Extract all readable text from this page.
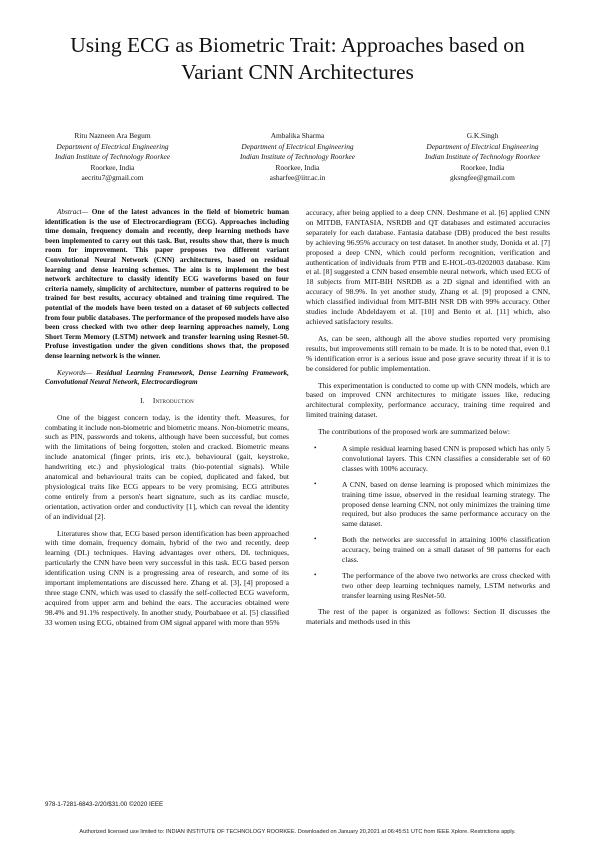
Using ECG as Biometric Trait: Approaches based on Variant CNN Architectures
Ritu Nazneen Ara Begum
Department of Electrical Engineering
Indian Institute of Technology Roorkee
Roorkee, India
aecritu7@gmail.com
Ambalika Sharma
Department of Electrical Engineering
Indian Institute of Technology Roorkee
Roorkee, India
asharfee@iitr.ac.in
G.K.Singh
Department of Electrical Engineering
Indian Institute of Technology Roorkee
Roorkee, India
gksngfee@gmail.com

Abstract— One of the latest advances in the field of biometric human identification is the use of Electrocardiogram (ECG). Approaches including time domain, frequency domain and recently, deep learning methods have been implemented to carry out this task. But, results show that, there is much room for improvement. This paper proposes two different variant Convolutional Neural Network (CNN) architectures, based on residual learning and dense learning schemes. The aim is to implement the best network architecture to classify identify ECG waveforms based on four criteria namely, simplicity of architecture, number of patterns required to be trained for best results, accuracy obtained and training time required. The potential of the models have been tested on a dataset of 60 subjects collected from four public databases. The performance of the proposed models have also been cross checked with two other deep learning approaches namely, Long Short Term Memory (LSTM) network and transfer learning using Resnet-50. Profuse investigation under the given conditions shows that, the proposed dense learning network is the winner.

Keywords— Residual Learning Framework, Dense Learning Framework, Convolutional Neural Network, Electrocardiogram

I. Introduction

One of the biggest concern today, is the identity theft. Measures, for combating it include non-biometric and biometric means. Non-biometric means, such as PIN, passwords and tokens, although have been successful, but comes with the limitations of being forgotten, stolen and cracked. Biometric means include anatomical (finger prints, iris etc.), behavioural (gait, keystroke, handwriting etc.) and physiological traits (bio-potential signals). While anatomical and behavioural traits can be copied, duplicated and faked, but physiological traits like ECG appears to be very promising. ECG attributes come entirely from a person's heart signature, such as its cardiac muscle, orientation, activation order and conductivity [1], which can reveal the identity of an individual [2].

Literatures show that, ECG based person identification has been approached with time domain, frequency domain, hybrid of the two and recently, deep learning (DL) techniques. Having advantages over others, DL techniques, particularly the CNN have been very successful in this task. ECG based person identification using CNN is a progressing area of research, and some of its important implementations are discussed here. Zhang et al. [3], [4] proposed a three stage CNN, which was used to classify the self-collected ECG waveform, acquired from upper arm and behind the ears. The accuracies obtained were 98.4% and 91.1% respectively. In another study, Pourbabaee et al. [5] classified 33 women using ECG, obtained from OM signal apparel with more than 95%

accuracy, after being applied to a deep CNN. Deshmane et al. [6] applied CNN on MITDB, FANTASIA, NSRDB and QT databases and estimated accuracies separately for each database. Fantasia database (DB) produced the best results by achieving 96.95% accuracy on test dataset. In another study, Donida et al. [7] proposed a deep CNN, which could perform recognition, verification and authentication of individuals from PTB and E-HOL-03-0202003 database. Kim et al. [8] suggested a CNN based ensemble neural network, which used ECG of 18 subjects from MIT-BIH NSRDB as a 2D signal and identified with an accuracy of 98.9%. In yet another study, Zhang et al. [9] proposed a CNN, which classified individual from MIT-BIH NSR DB with 99% accuracy. Other studies include Abdeldayem et al. [10] and Bento et al. [11] which, also achieved satisfactory results.

As, can be seen, although all the above studies reported very promising results, but improvements still remain to be made. It is to be noted that, even 0.1 % identification error is a serious issue and pose grave security threat if it is to be considered for public implementation.

This experimentation is conducted to come up with CNN models, which are based on improved CNN architectures to mitigate issues like, reducing architectural complexity, performance accuracy, training time required and limited training dataset.

The contributions of the proposed work are summarized below:

•	A simple residual learning based CNN is proposed which has only 5 convolutional layers. This CNN classifies a considerable set of 60 classes with 100% accuracy.
•	A CNN, based on dense learning is proposed which minimizes the training time issue, observed in the residual learning strategy. The proposed dense learning CNN, not only minimizes the training time required, but also produces the same performance accuracy on the same dataset.
•	Both the networks are successful in attaining 100% classification accuracy, being trained on a small dataset of 98 patterns for each class.
•	The performance of the above two networks are cross checked with two other deep learning techniques namely, LSTM networks and transfer learning using ResNet-50.

The rest of the paper is organized as follows: Section II discusses the materials and methods used in this

978-1-7281-6843-2/20/$31.00 ©2020 IEEE
Authorized licensed use limited to: INDIAN INSTITUTE OF TECHNOLOGY ROORKEE. Downloaded on January 20,2021 at 06:45:51 UTC from IEEE Xplore. Restrictions apply.
